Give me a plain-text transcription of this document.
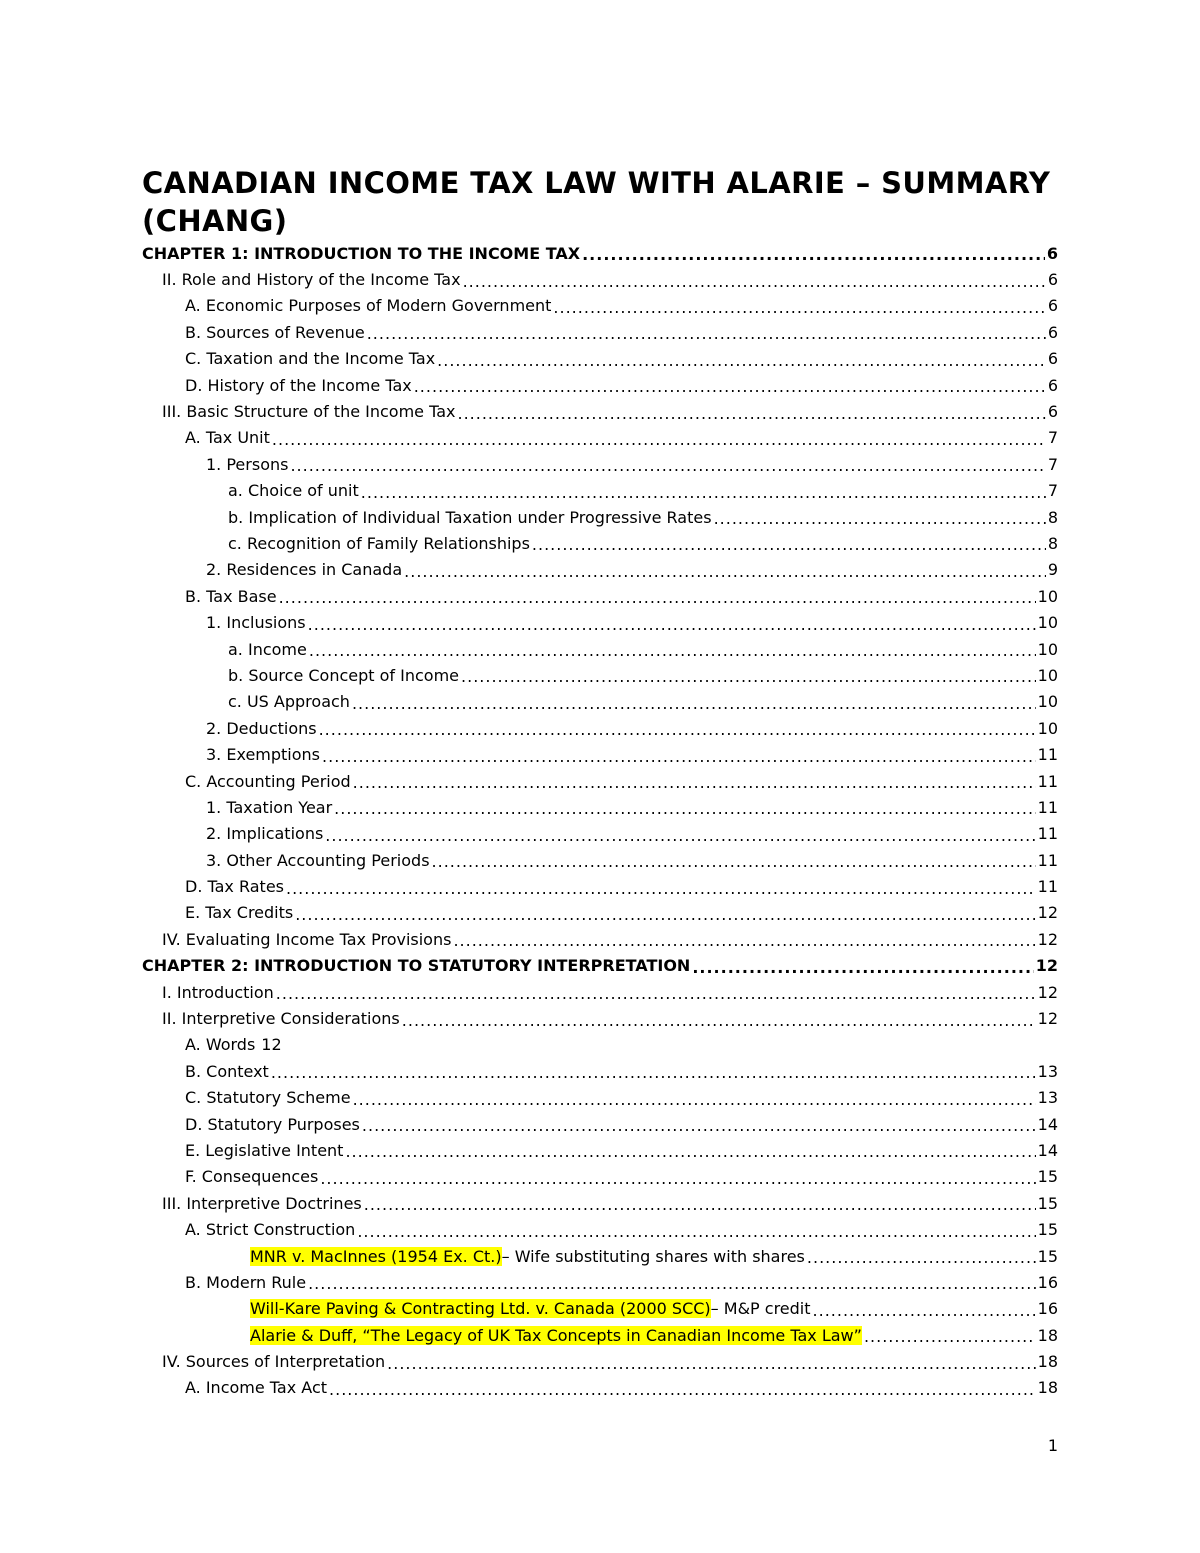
CANADIAN INCOME TAX LAW WITH ALARIE – SUMMARY (CHANG)
CHAPTER 1: INTRODUCTION TO THE INCOME TAX .....	6
II. Role and History of the Income Tax .....	6
A. Economic Purposes of Modern Government .....	6
B. Sources of Revenue .....	6
C. Taxation and the Income Tax .....	6
D. History of the Income Tax .....	6
III. Basic Structure of the Income Tax .....	6
A. Tax Unit .....	7
1. Persons .....	7
a. Choice of unit .....	7
b. Implication of Individual Taxation under Progressive Rates .....	8
c. Recognition of Family Relationships .....	8
2. Residences in Canada .....	9
B. Tax Base .....	10
1. Inclusions .....	10
a. Income .....	10
b. Source Concept of Income .....	10
c. US Approach .....	10
2. Deductions .....	10
3. Exemptions .....	11
C. Accounting Period .....	11
1. Taxation Year .....	11
2. Implications .....	11
3. Other Accounting Periods .....	11
D. Tax Rates .....	11
E. Tax Credits .....	12
IV. Evaluating Income Tax Provisions .....	12
CHAPTER 2: INTRODUCTION TO STATUTORY INTERPRETATION .....	12
I. Introduction .....	12
II. Interpretive Considerations .....	12
A. Words 12
B. Context .....	13
C. Statutory Scheme .....	13
D. Statutory Purposes .....	14
E. Legislative Intent .....	14
F. Consequences .....	15
III. Interpretive Doctrines .....	15
A. Strict Construction .....	15
MNR v. MacInnes (1954 Ex. Ct.) – Wife substituting shares with shares .....	15
B. Modern Rule .....	16
Will-Kare Paving & Contracting Ltd. v. Canada (2000 SCC) – M&P credit .....	16
Alarie & Duff, “The Legacy of UK Tax Concepts in Canadian Income Tax Law” .....	18
IV. Sources of Interpretation .....	18
A. Income Tax Act .....	18
1
